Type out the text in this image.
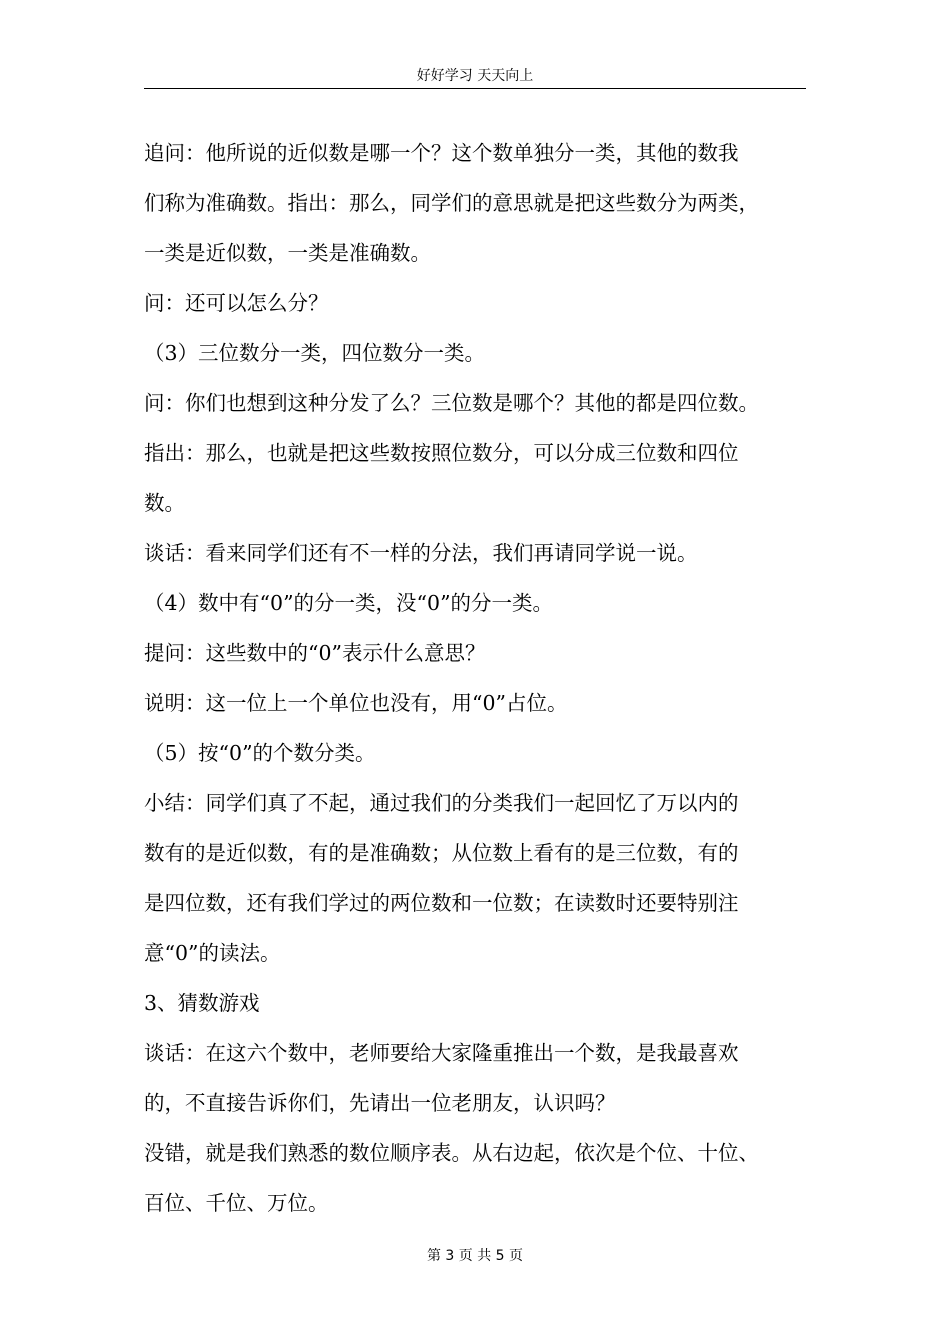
好好学习 天天向上
追问：他所说的近似数是哪一个？这个数单独分一类，其他的数我
们称为准确数。指出：那么，同学们的意思就是把这些数分为两类，
一类是近似数，一类是准确数。
问：还可以怎么分？
（3）三位数分一类，四位数分一类。
问：你们也想到这种分发了么？三位数是哪个？其他的都是四位数。
指出：那么，也就是把这些数按照位数分，可以分成三位数和四位
数。
谈话：看来同学们还有不一样的分法，我们再请同学说一说。
（4）数中有“0”的分一类，没“0”的分一类。
提问：这些数中的“0”表示什么意思？
说明：这一位上一个单位也没有，用“0”占位。
（5）按“0”的个数分类。
小结：同学们真了不起，通过我们的分类我们一起回忆了万以内的
数有的是近似数，有的是准确数；从位数上看有的是三位数，有的
是四位数，还有我们学过的两位数和一位数；在读数时还要特别注
意“0”的读法。
3、猜数游戏
谈话：在这六个数中，老师要给大家隆重推出一个数，是我最喜欢
的，不直接告诉你们，先请出一位老朋友，认识吗？
没错，就是我们熟悉的数位顺序表。从右边起，依次是个位、十位、
百位、千位、万位。
第 3 页 共 5 页
